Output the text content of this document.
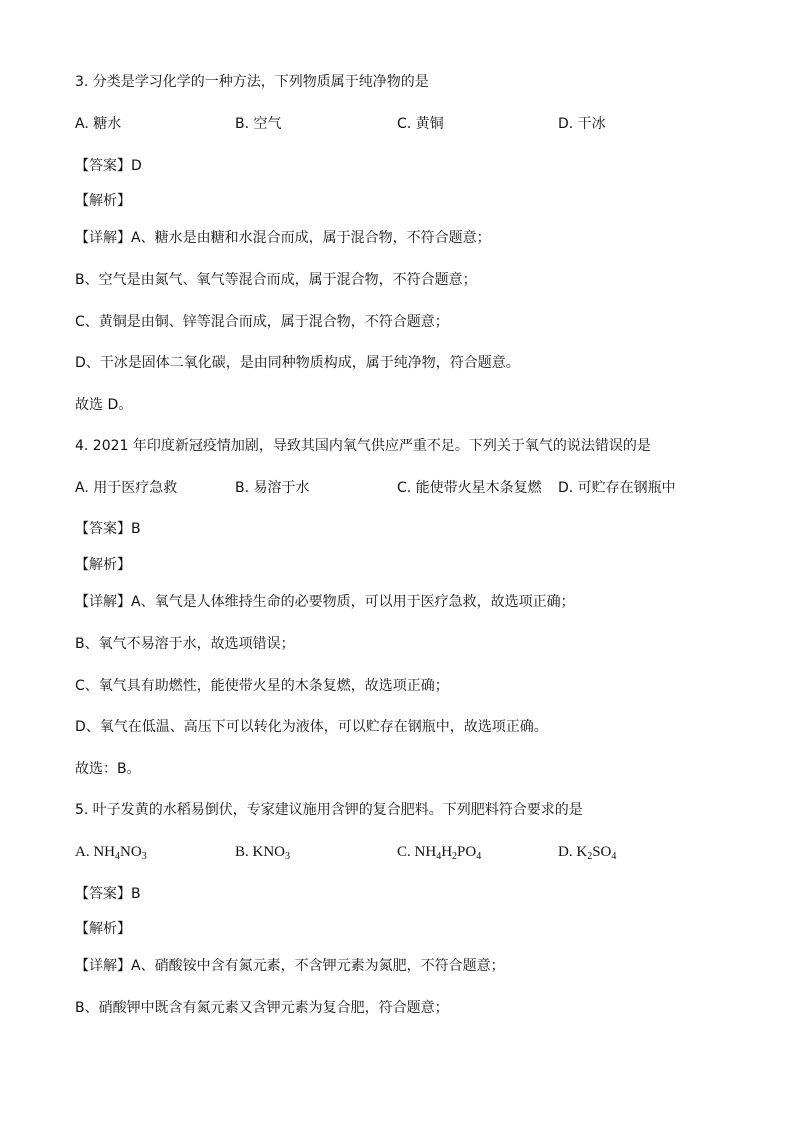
3. 分类是学习化学的一种方法，下列物质属于纯净物的是
A. 糖水	B. 空气	C. 黄铜	D. 干冰
【答案】D
【解析】
【详解】A、糖水是由糖和水混合而成，属于混合物，不符合题意；
B、空气是由氮气、氧气等混合而成，属于混合物，不符合题意；
C、黄铜是由铜、锌等混合而成，属于混合物，不符合题意；
D、干冰是固体二氧化碳，是由同种物质构成，属于纯净物，符合题意。
故选 D。
4. 2021 年印度新冠疫情加剧，导致其国内氧气供应严重不足。下列关于氧气的说法错误的是
A. 用于医疗急救	B. 易溶于水	C. 能使带火星木条复燃 D. 可贮存在钢瓶中
【答案】B
【解析】
【详解】A、氧气是人体维持生命的必要物质，可以用于医疗急救，故选项正确；
B、氧气不易溶于水，故选项错误；
C、氧气具有助燃性，能使带火星的木条复燃，故选项正确；
D、氧气在低温、高压下可以转化为液体，可以贮存在钢瓶中，故选项正确。
故选：B。
5. 叶子发黄的水稻易倒伏，专家建议施用含钾的复合肥料。下列肥料符合要求的是
A. $NH_4NO_3$	B. $KNO_3$	C. $NH_4H_2PO_4$	D. $K_2SO_4$
【答案】B
【解析】
【详解】A、硝酸铵中含有氮元素，不含钾元素为氮肥，不符合题意；
B、硝酸钾中既含有氮元素又含钾元素为复合肥，符合题意；
